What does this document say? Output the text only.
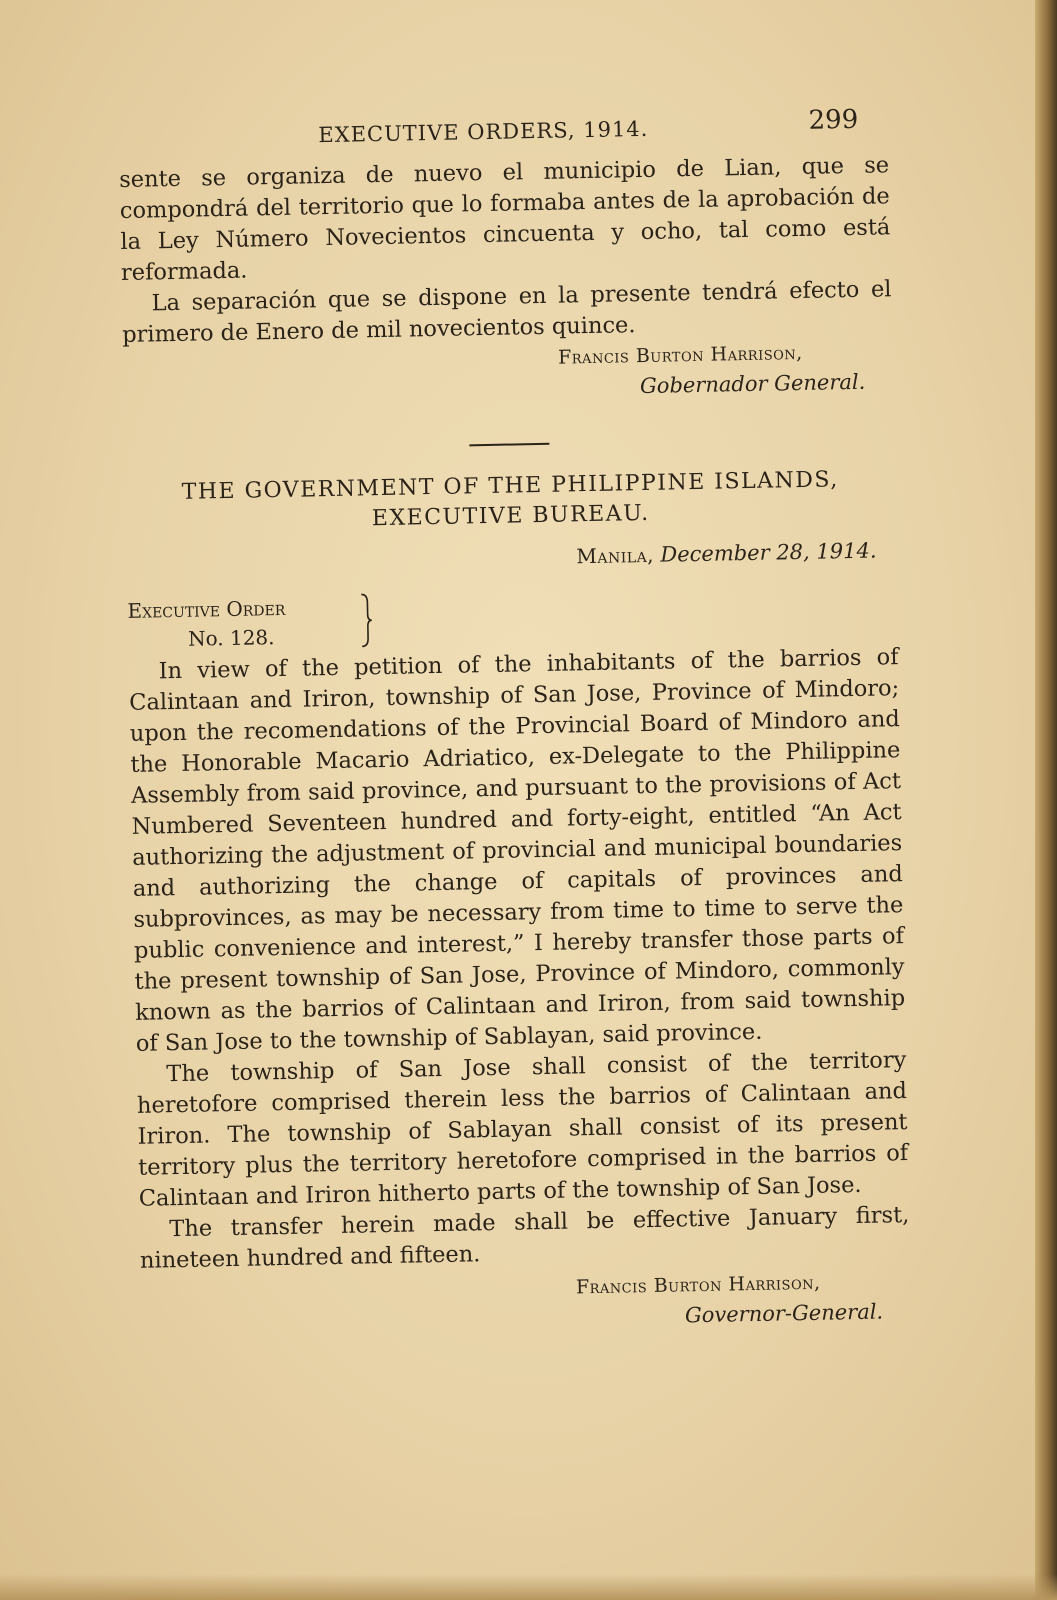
EXECUTIVE ORDERS, 1914.	299

sente se organiza de nuevo el municipio de Lian, que se compondrá del territorio que lo formaba antes de la aprobación de la Ley Número Novecientos cincuenta y ocho, tal como está reformada.

La separación que se dispone en la presente tendrá efecto el primero de Enero de mil novecientos quince.

Francis Burton Harrison,
Gobernador General.
THE GOVERNMENT OF THE PHILIPPINE ISLANDS,
EXECUTIVE BUREAU.
Manila, December 28, 1914.
Executive Order
No. 128.

In view of the petition of the inhabitants of the barrios of Calintaan and Iriron, township of San Jose, Province of Mindoro; upon the recomendations of the Provincial Board of Mindoro and the Honorable Macario Adriatico, ex-Delegate to the Philippine Assembly from said province, and pursuant to the provisions of Act Numbered Seventeen hundred and forty-eight, entitled “An Act authorizing the adjustment of provincial and municipal boundaries and authorizing the change of capitals of provinces and subprovinces, as may be necessary from time to time to serve the public convenience and interest,” I hereby transfer those parts of the present township of San Jose, Province of Mindoro, commonly known as the barrios of Calintaan and Iriron, from said township of San Jose to the township of Sablayan, said province.

The township of San Jose shall consist of the territory heretofore comprised therein less the barrios of Calintaan and Iriron. The township of Sablayan shall consist of its present territory plus the territory heretofore comprised in the barrios of Calintaan and Iriron hitherto parts of the township of San Jose.

The transfer herein made shall be effective January first, nineteen hundred and fifteen.

Francis Burton Harrison,
Governor-General.
